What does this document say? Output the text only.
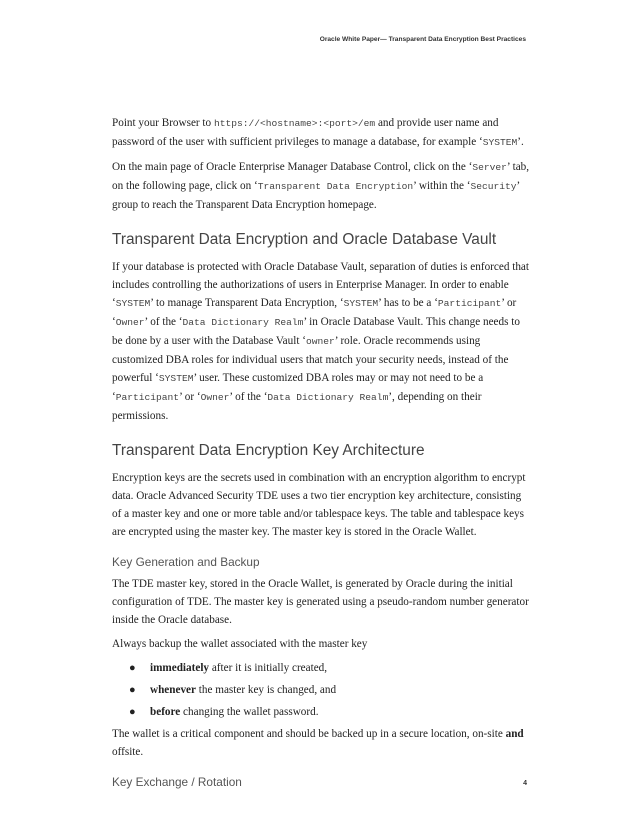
Oracle White Paper— Transparent Data Encryption Best Practices

Point your Browser to https://<hostname>:<port>/em and provide user name and password of the user with sufficient privileges to manage a database, for example ‘SYSTEM’.

On the main page of Oracle Enterprise Manager Database Control, click on the ‘Server’ tab, on the following page, click on ‘Transparent Data Encryption’ within the ‘Security’ group to reach the Transparent Data Encryption homepage.

Transparent Data Encryption and Oracle Database Vault

If your database is protected with Oracle Database Vault, separation of duties is enforced that includes controlling the authorizations of users in Enterprise Manager. In order to enable ‘SYSTEM’ to manage Transparent Data Encryption, ‘SYSTEM’ has to be a ‘Participant’ or ‘Owner’ of the ‘Data Dictionary Realm’ in Oracle Database Vault. This change needs to be done by a user with the Database Vault ‘owner’ role. Oracle recommends using customized DBA roles for individual users that match your security needs, instead of the powerful ‘SYSTEM’ user. These customized DBA roles may or may not need to be a ‘Participant’ or ‘Owner’ of the ‘Data Dictionary Realm’, depending on their permissions.

Transparent Data Encryption Key Architecture

Encryption keys are the secrets used in combination with an encryption algorithm to encrypt data. Oracle Advanced Security TDE uses a two tier encryption key architecture, consisting of a master key and one or more table and/or tablespace keys. The table and tablespace keys are encrypted using the master key. The master key is stored in the Oracle Wallet.

Key Generation and Backup

The TDE master key, stored in the Oracle Wallet, is generated by Oracle during the initial configuration of TDE. The master key is generated using a pseudo-random number generator inside the Oracle database.

Always backup the wallet associated with the master key

● immediately after it is initially created,
● whenever the master key is changed, and
● before changing the wallet password.

The wallet is a critical component and should be backed up in a secure location, on-site and offsite.

Key Exchange / Rotation	4
